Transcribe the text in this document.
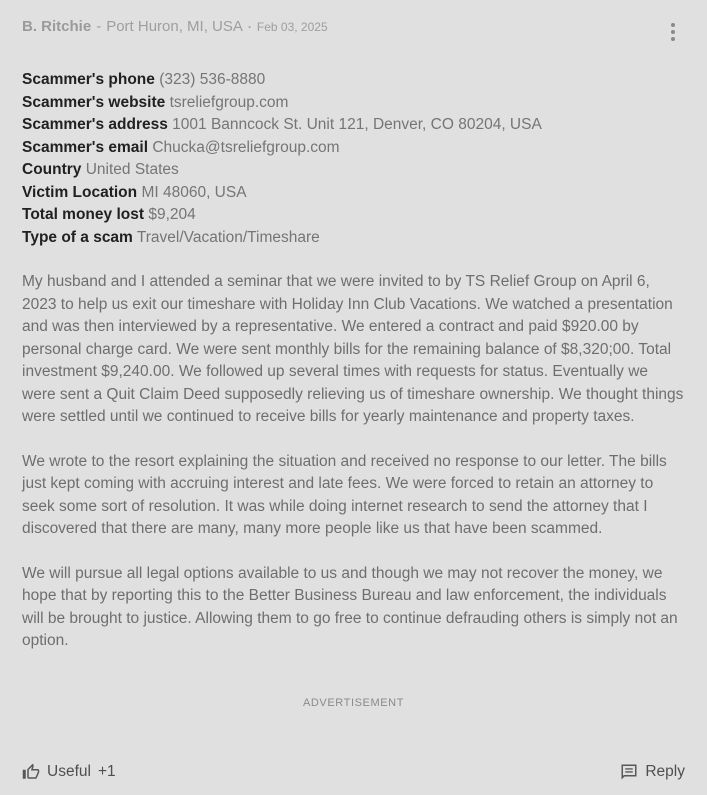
B. Ritchie - Port Huron, MI, USA · Feb 03, 2025
Scammer's phone (323) 536-8880
Scammer's website tsreliefgroup.com
Scammer's address 1001 Banncock St. Unit 121, Denver, CO 80204, USA
Scammer's email Chucka@tsreliefgroup.com
Country United States
Victim Location MI 48060, USA
Total money lost $9,204
Type of a scam Travel/Vacation/Timeshare

My husband and I attended a seminar that we were invited to by TS Relief Group on April 6, 2023 to help us exit our timeshare with Holiday Inn Club Vacations. We watched a presentation and was then interviewed by a representative. We entered a contract and paid $920.00 by personal charge card. We were sent monthly bills for the remaining balance of $8,320;00. Total investment $9,240.00. We followed up several times with requests for status. Eventually we were sent a Quit Claim Deed supposedly relieving us of timeshare ownership. We thought things were settled until we continued to receive bills for yearly maintenance and property taxes.

We wrote to the resort explaining the situation and received no response to our letter. The bills just kept coming with accruing interest and late fees. We were forced to retain an attorney to seek some sort of resolution. It was while doing internet research to send the attorney that I discovered that there are many, many more people like us that have been scammed.

We will pursue all legal options available to us and though we may not recover the money, we hope that by reporting this to the Better Business Bureau and law enforcement, the individuals will be brought to justice. Allowing them to go free to continue defrauding others is simply not an option.

ADVERTISEMENT
Useful +1	Reply
